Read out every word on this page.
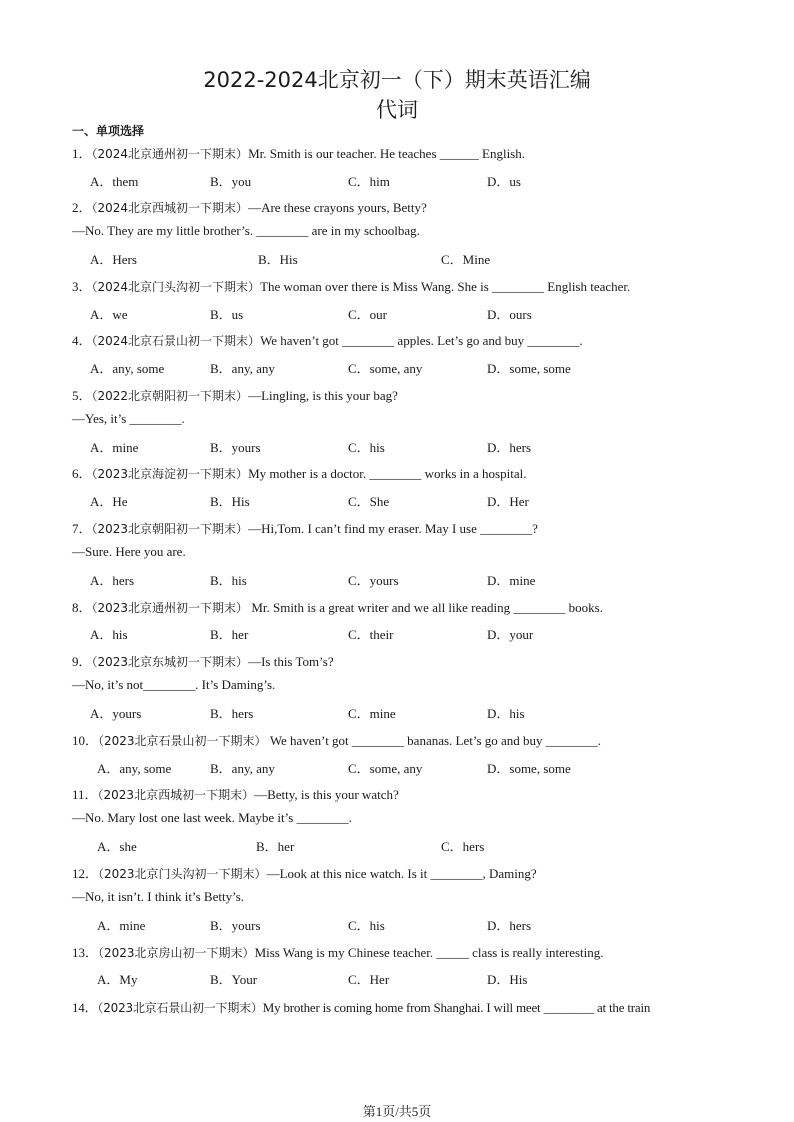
2022-2024北京初一（下）期末英语汇编
代词
一、单项选择
1．（2024北京通州初一下期末）Mr. Smith is our teacher. He teaches ______ English.
A．them	B．you	C．him	D．us
2．（2024北京西城初一下期末）—Are these crayons yours, Betty?
—No. They are my little brother’s. ________ are in my schoolbag.
A．Hers	B．His	C．Mine
3．（2024北京门头沟初一下期末）The woman over there is Miss Wang. She is ________ English teacher.
A．we	B．us	C．our	D．ours
4．（2024北京石景山初一下期末）We haven’t got ________ apples. Let’s go and buy ________.
A．any, some	B．any, any	C．some, any	D．some, some
5．（2022北京朝阳初一下期末）—Lingling, is this your bag?
—Yes, it’s ________.
A．mine	B．yours	C．his	D．hers
6．（2023北京海淀初一下期末）My mother is a doctor. ________ works in a hospital.
A．He	B．His	C．She	D．Her
7．（2023北京朝阳初一下期末）—Hi,Tom. I can’t find my eraser. May I use ________?
—Sure. Here you are.
A．hers	B．his	C．yours	D．mine
8．（2023北京通州初一下期末） Mr. Smith is a great writer and we all like reading ________ books.
A．his	B．her	C．their	D．your
9．（2023北京东城初一下期末）—Is this Tom’s?
—No, it’s not________. It’s Daming’s.
A．yours	B．hers	C．mine	D．his
10．（2023北京石景山初一下期末） We haven’t got ________ bananas. Let’s go and buy ________.
A．any, some	B．any, any	C．some, any	D．some, some
11．（2023北京西城初一下期末）—Betty, is this your watch?
—No. Mary lost one last week. Maybe it’s ________.
A．she	B．her	C．hers
12．（2023北京门头沟初一下期末）—Look at this nice watch. Is it ________, Daming?
—No, it isn’t. I think it’s Betty’s.
A．mine	B．yours	C．his	D．hers
13．（2023北京房山初一下期末）Miss Wang is my Chinese teacher. _____ class is really interesting.
A．My	B．Your	C．Her	D．His
14．（2023北京石景山初一下期末）My brother is coming home from Shanghai. I will meet ________ at the train
第1页/共5页
